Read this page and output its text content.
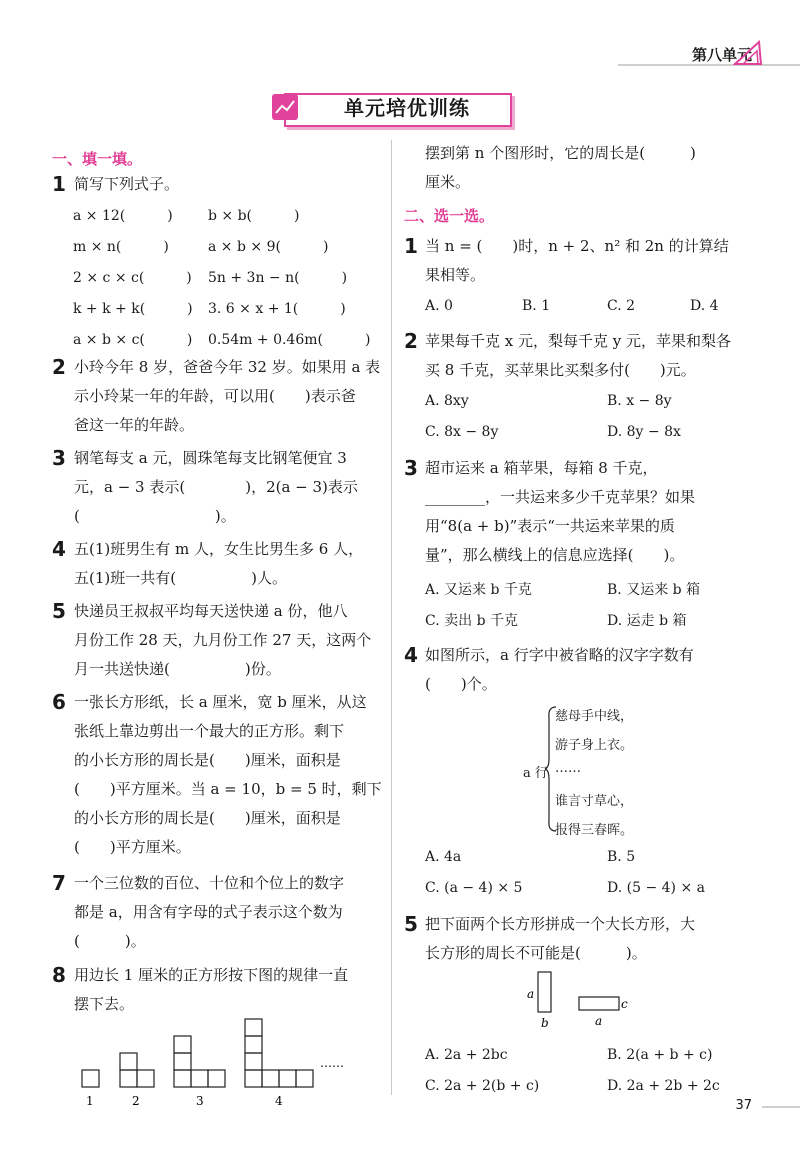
第八单元
单元培优训练
一、填一填。
1 简写下列式子。
a × 12(　　　)	b × b(　　　)
m × n(　　　)	a × b × 9(　　　)
2 × c × c(　　　) 5n + 3n − n(　　　)
k + k + k(　　　) 3. 6 × x + 1(　　　)
a × b × c(　　　) 0.54m + 0.46m(　　　)
2 小玲今年 8 岁，爸爸今年 32 岁。如果用 a 表
示小玲某一年的年龄，可以用(　　)表示爸
爸这一年的年龄。
3 钢笔每支 a 元，圆珠笔每支比钢笔便宜 3
元，a − 3 表示(　　　　)，2(a − 3)表示
(　　　　　　　　　)。
4 五(1)班男生有 m 人，女生比男生多 6 人，
五(1)班一共有(　　　　　)人。
5 快递员王叔叔平均每天送快递 a 份，他八
月份工作 28 天，九月份工作 27 天，这两个
月一共送快递(　　　　　)份。
6 一张长方形纸，长 a 厘米，宽 b 厘米，从这
张纸上靠边剪出一个最大的正方形。剩下
的小长方形的周长是(　　)厘米，面积是
(　　)平方厘米。当 a = 10，b = 5 时，剩下
的小长方形的周长是(　　)厘米，面积是
(　　)平方厘米。
7 一个三位数的百位、十位和个位上的数字
都是 a，用含有字母的式子表示这个数为
(　　　)。
8 用边长 1 厘米的正方形按下图的规律一直
摆下去。
1	2	3	4
……
摆到第 n 个图形时，它的周长是(　　　)
厘米。
二、选一选。
1 当 n = (　　)时，n + 2、n² 和 2n 的计算结
果相等。
A. 0	B. 1	C. 2	D. 4
2 苹果每千克 x 元，梨每千克 y 元，苹果和梨各
买 8 千克，买苹果比买梨多付(　　)元。
A. 8xy	B. x − 8y
C. 8x − 8y	D. 8y − 8x
3 超市运来 a 箱苹果，每箱 8 千克，
________，一共运来多少千克苹果？如果
用“8(a + b)”表示“一共运来苹果的质
量”，那么横线上的信息应选择(　　)。
A. 又运来 b 千克	B. 又运来 b 箱
C. 卖出 b 千克	D. 运走 b 箱
4 如图所示，a 行字中被省略的汉字字数有
(　　)个。
a 行
慈母手中线，
游子身上衣。
……
谁言寸草心，
报得三春晖。
A. 4a	B. 5
C. (a − 4) × 5	D. (5 − 4) × a
5 把下面两个长方形拼成一个大长方形，大
长方形的周长不可能是(　　　)。
a
b
c
a
A. 2a + 2bc	B. 2(a + b + c)
C. 2a + 2(b + c)	D. 2a + 2b + 2c
37
